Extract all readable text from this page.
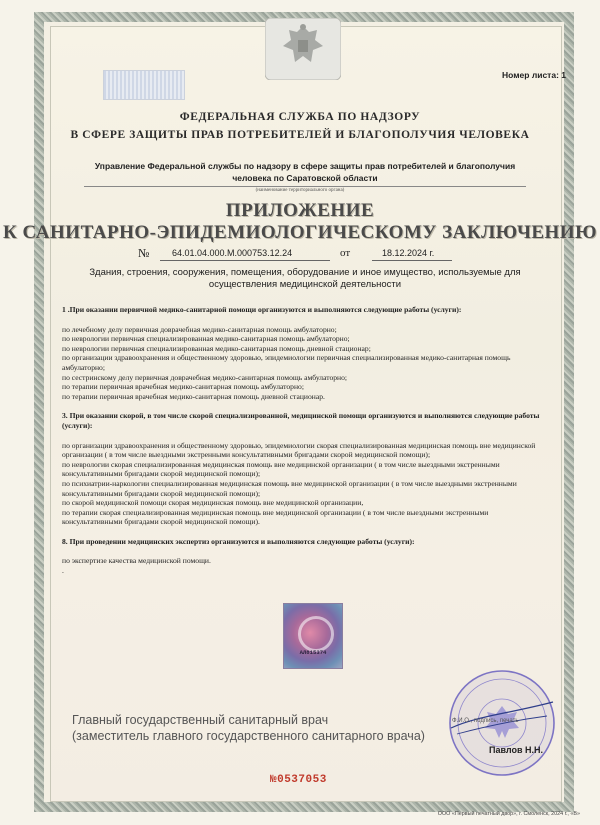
Номер листа: 1
ФЕДЕРАЛЬНАЯ СЛУЖБА ПО НАДЗОРУ
В СФЕРЕ ЗАЩИТЫ ПРАВ ПОТРЕБИТЕЛЕЙ И БЛАГОПОЛУЧИЯ ЧЕЛОВЕКА
Управление Федеральной службы по надзору в сфере защиты прав потребителей и благополучия человека по Саратовской области
(наименование территориального органа)
ПРИЛОЖЕНИЕ
К САНИТАРНО-ЭПИДЕМИОЛОГИЧЕСКОМУ ЗАКЛЮЧЕНИЮ
№	64.01.04.000.М.000753.12.24	от	18.12.2024 г.
Здания, строения, сооружения, помещения, оборудование и иное имущество, используемые для осуществления медицинской деятельности

1 .При оказании первичной медико-санитарной помощи организуются и выполняются следующие работы (услуги):

по лечебному делу первичная доврачебная медико-санитарная помощь амбулаторно;

по неврологии первичная специализированная медико-санитарная помощь амбулаторно;

по неврологии первичная специализированная медико-санитарная помощь дневной стационар;

по организации здравоохранения и общественному здоровью, эпидемиологии первичная специализированная медико-санитарная помощь амбулаторно;

по сестринскому делу первичная доврачебная медико-санитарная помощь амбулаторно;

по терапии первичная врачебная медико-санитарная помощь амбулаторно;

по терапии первичная врачебная медико-санитарная помощь дневной стационар.

3. При оказании скорой, в том числе скорой специализированной, медицинской помощи организуются и выполняются следующие работы (услуги):

по организации здравоохранения и общественному здоровью, эпидемиологии скорая специализированная медицинская помощь вне медицинской организации ( в том числе выездными экстренными консультативными бригадами скорой медицинской помощи);

по неврологии скорая специализированная медицинская помощь вне медицинской организации ( в том числе выездными экстренными консультативными бригадами скорой медицинской помощи);

по психиатрии-наркологии специализированная медицинская помощь вне медицинской организации ( в том числе выездными экстренными консультативными бригадами скорой медицинской помощи);

по скорой медицинской помощи скорая медицинская помощь вне медицинской организации,

по терапии скорая специализированная медицинская помощь вне медицинской организации ( в том числе выездными экстренными консультативными бригадами скорой медицинской помощи).

8. При проведении медицинских экспертиз организуются и выполняются следующие работы (услуги):

по экспертизе качества медицинской помощи.

.

АЛ815374
Главный государственный санитарный врач
(заместитель главного государственного санитарного врача)
Ф.И.О., подпись, печать
Павлов Н.Н.
№0537053
ООО «Первый печатный двор», г. Смоленск, 2024 г., «В»
